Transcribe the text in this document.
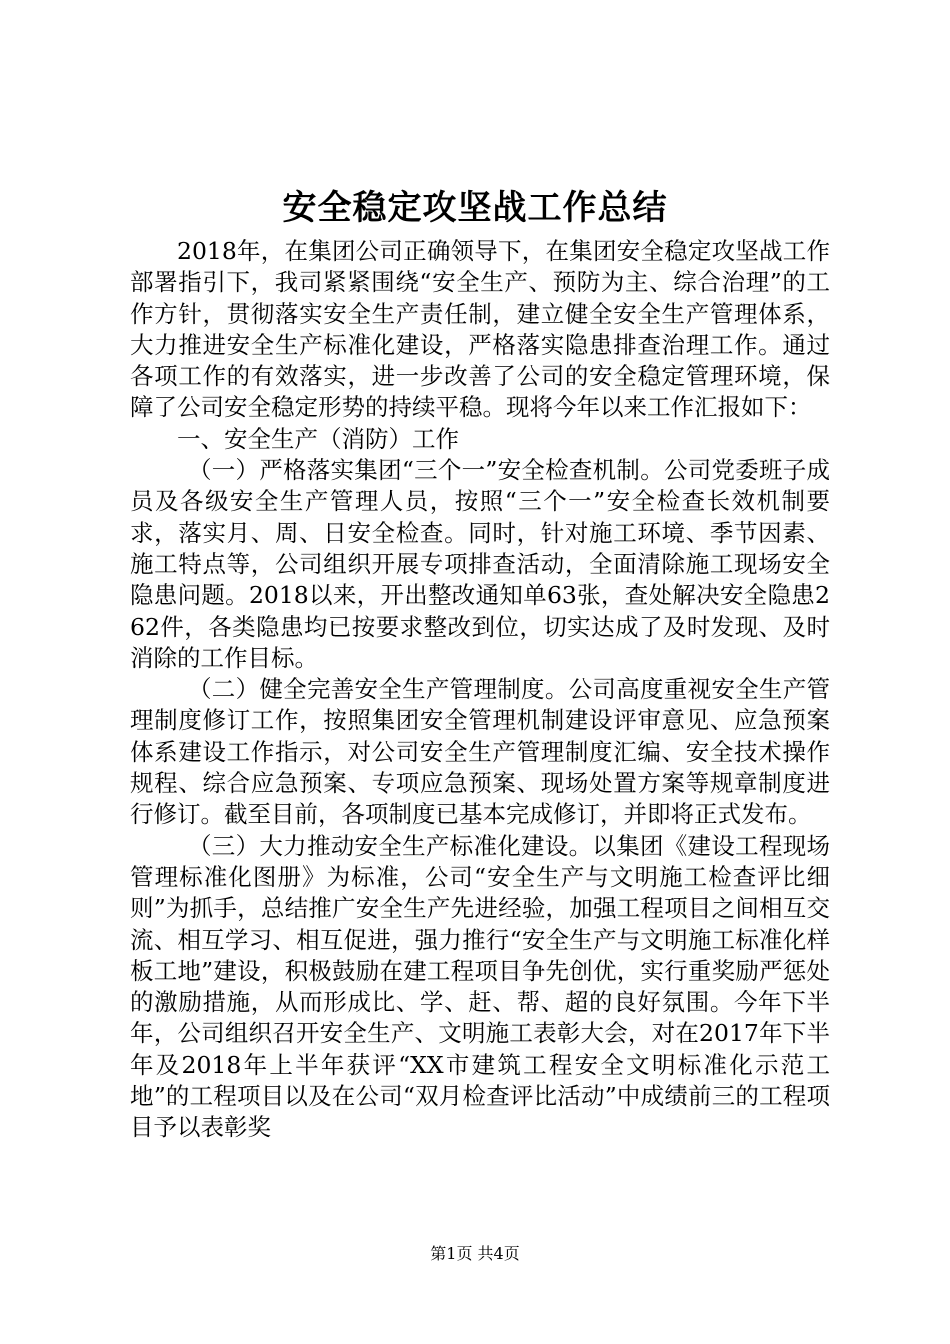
安全稳定攻坚战工作总结

2018年，在集团公司正确领导下，在集团安全稳定攻坚战工作部署指引下，我司紧紧围绕“安全生产、预防为主、综合治理”的工作方针，贯彻落实安全生产责任制，建立健全安全生产管理体系，大力推进安全生产标准化建设，严格落实隐患排查治理工作。通过各项工作的有效落实，进一步改善了公司的安全稳定管理环境，保障了公司安全稳定形势的持续平稳。现将今年以来工作汇报如下：

一、安全生产（消防）工作

（一）严格落实集团“三个一”安全检查机制。公司党委班子成员及各级安全生产管理人员，按照“三个一”安全检查长效机制要求，落实月、周、日安全检查。同时，针对施工环境、季节因素、施工特点等，公司组织开展专项排查活动，全面清除施工现场安全隐患问题。2018以来，开出整改通知单63张，查处解决安全隐患262件，各类隐患均已按要求整改到位，切实达成了及时发现、及时消除的工作目标。

（二）健全完善安全生产管理制度。公司高度重视安全生产管理制度修订工作，按照集团安全管理机制建设评审意见、应急预案体系建设工作指示，对公司安全生产管理制度汇编、安全技术操作规程、综合应急预案、专项应急预案、现场处置方案等规章制度进行修订。截至目前，各项制度已基本完成修订，并即将正式发布。

（三）大力推动安全生产标准化建设。以集团《建设工程现场管理标准化图册》为标准，公司“安全生产与文明施工检查评比细则”为抓手，总结推广安全生产先进经验，加强工程项目之间相互交流、相互学习、相互促进，强力推行“安全生产与文明施工标准化样板工地”建设，积极鼓励在建工程项目争先创优，实行重奖励严惩处的激励措施，从而形成比、学、赶、帮、超的良好氛围。今年下半年，公司组织召开安全生产、文明施工表彰大会，对在2017年下半年及2018年上半年获评“XX市建筑工程安全文明标准化示范工地”的工程项目以及在公司“双月检查评比活动”中成绩前三的工程项目予以表彰奖

第1页 共4页
